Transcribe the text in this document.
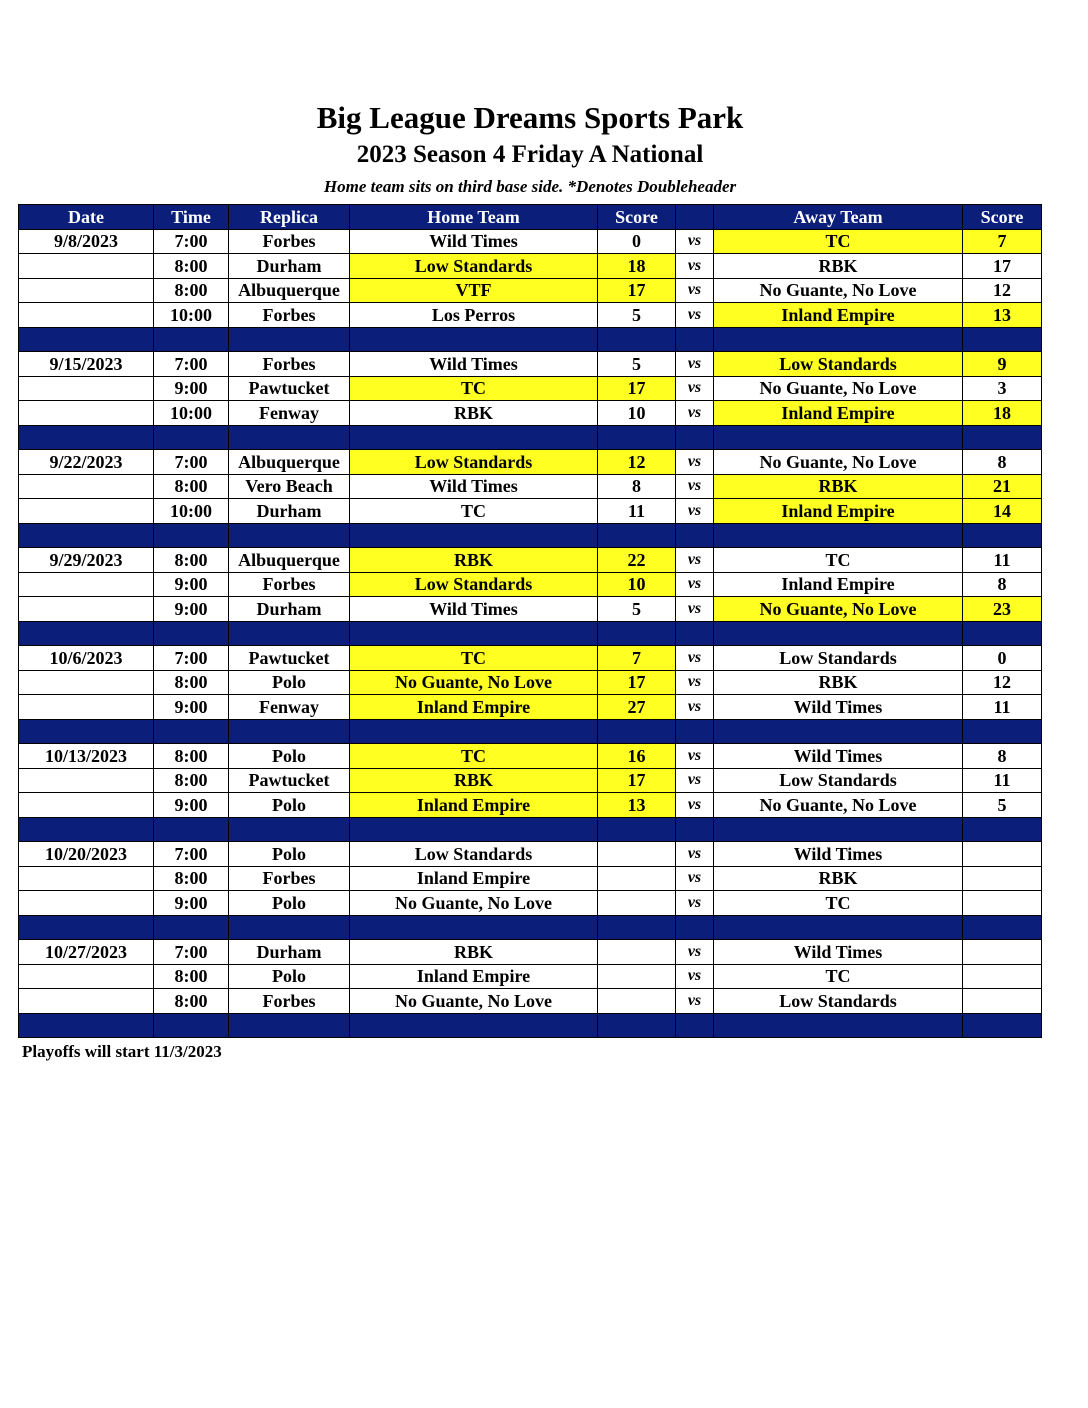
Big League Dreams Sports Park
2023 Season 4 Friday A National
Home team sits on third base side. *Denotes Doubleheader
Date	Time	Replica	Home Team	Score		Away Team	Score
9/8/2023	7:00	Forbes	Wild Times	0	vs	TC	7
	8:00	Durham	Low Standards	18	vs	RBK	17
	8:00	Albuquerque	VTF	17	vs	No Guante, No Love	12
	10:00	Forbes	Los Perros	5	vs	Inland Empire	13

9/15/2023	7:00	Forbes	Wild Times	5	vs	Low Standards	9
	9:00	Pawtucket	TC	17	vs	No Guante, No Love	3
	10:00	Fenway	RBK	10	vs	Inland Empire	18

9/22/2023	7:00	Albuquerque	Low Standards	12	vs	No Guante, No Love	8
	8:00	Vero Beach	Wild Times	8	vs	RBK	21
	10:00	Durham	TC	11	vs	Inland Empire	14

9/29/2023	8:00	Albuquerque	RBK	22	vs	TC	11
	9:00	Forbes	Low Standards	10	vs	Inland Empire	8
	9:00	Durham	Wild Times	5	vs	No Guante, No Love	23

10/6/2023	7:00	Pawtucket	TC	7	vs	Low Standards	0
	8:00	Polo	No Guante, No Love	17	vs	RBK	12
	9:00	Fenway	Inland Empire	27	vs	Wild Times	11

10/13/2023	8:00	Polo	TC	16	vs	Wild Times	8
	8:00	Pawtucket	RBK	17	vs	Low Standards	11
	9:00	Polo	Inland Empire	13	vs	No Guante, No Love	5

10/20/2023	7:00	Polo	Low Standards		vs	Wild Times	
	8:00	Forbes	Inland Empire		vs	RBK	
	9:00	Polo	No Guante, No Love		vs	TC	

10/27/2023	7:00	Durham	RBK		vs	Wild Times	
	8:00	Polo	Inland Empire		vs	TC	
	8:00	Forbes	No Guante, No Love		vs	Low Standards	

Playoffs will start 11/3/2023
